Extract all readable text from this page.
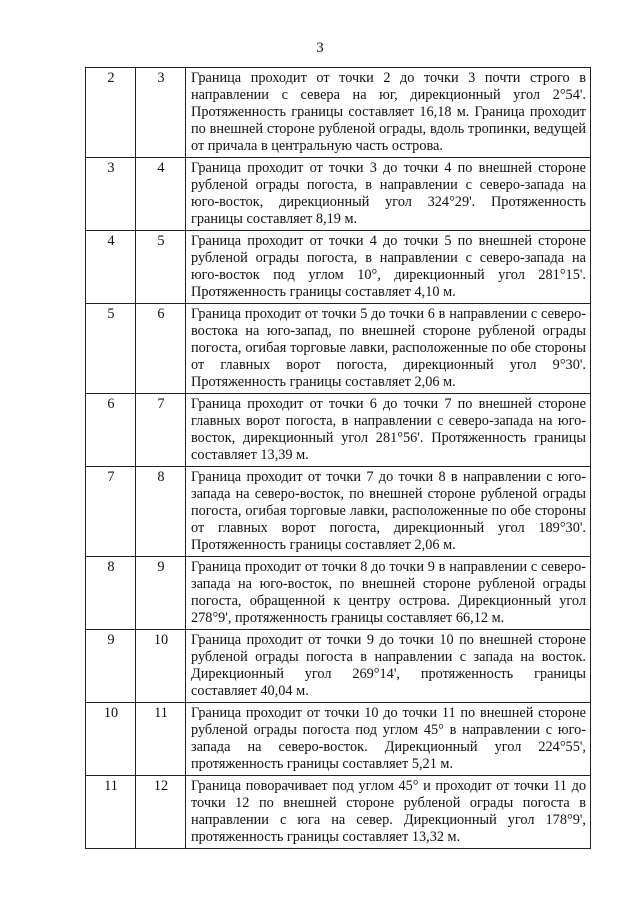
3
2	3	Граница проходит от точки 2 до точки 3 почти строго в направлении с севера на юг, дирекционный угол 2°54'. Протяженность границы составляет 16,18 м. Граница проходит по внешней стороне рубленой ограды, вдоль тропинки, ведущей от причала в центральную часть острова.
3	4	Граница проходит от точки 3 до точки 4 по внешней стороне рубленой ограды погоста, в направлении с северо-запада на юго-восток, дирекционный угол 324°29'. Протяженность границы составляет 8,19 м.
4	5	Граница проходит от точки 4 до точки 5 по внешней стороне рубленой ограды погоста, в направлении с северо-запада на юго-восток под углом 10°, дирекционный угол 281°15'. Протяженность границы составляет 4,10 м.
5	6	Граница проходит от точки 5 до точки 6 в направлении с северо-востока на юго-запад, по внешней стороне рубленой ограды погоста, огибая торговые лавки, расположенные по обе стороны от главных ворот погоста, дирекционный угол 9°30'. Протяженность границы составляет 2,06 м.
6	7	Граница проходит от точки 6 до точки 7 по внешней стороне главных ворот погоста, в направлении с северо-запада на юго-восток, дирекционный угол 281°56'. Протяженность границы составляет 13,39 м.
7	8	Граница проходит от точки 7 до точки 8 в направлении с юго-запада на северо-восток, по внешней стороне рубленой ограды погоста, огибая торговые лавки, расположенные по обе стороны от главных ворот погоста, дирекционный угол 189°30'. Протяженность границы составляет 2,06 м.
8	9	Граница проходит от точки 8 до точки 9 в направлении с северо-запада на юго-восток, по внешней стороне рубленой ограды погоста, обращенной к центру острова. Дирекционный угол 278°9', протяженность границы составляет 66,12 м.
9	10	Граница проходит от точки 9 до точки 10 по внешней стороне рубленой ограды погоста в направлении с запада на восток. Дирекционный угол 269°14', протяженность границы составляет 40,04 м.
10	11	Граница проходит от точки 10 до точки 11 по внешней стороне рубленой ограды погоста под углом 45° в направлении с юго-запада на северо-восток. Дирекционный угол 224°55', протяженность границы составляет 5,21 м.
11	12	Граница поворачивает под углом 45° и проходит от точки 11 до точки 12 по внешней стороне рубленой ограды погоста в направлении с юга на север. Дирекционный угол 178°9', протяженность границы составляет 13,32 м.
